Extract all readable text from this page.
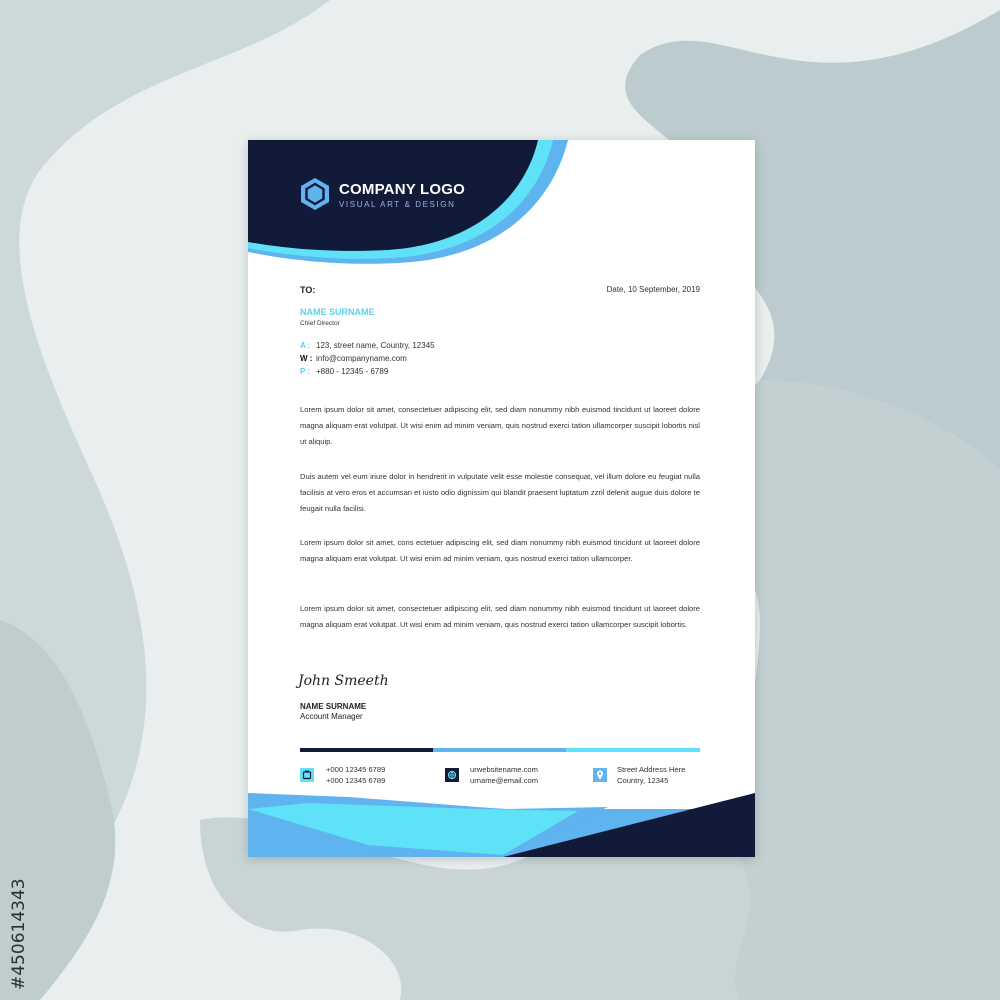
COMPANY LOGO
VISUAL ART & DESIGN
TO:	Date, 10 September, 2019
NAME SURNAME
Chief Director
A : 123, street name, Country, 12345
W : info@companyname.com
P : +880 - 12345 - 6789

Lorem ipsum dolor sit amet, consectetuer adipiscing elit, sed diam nonummy nibh euismod tincidunt ut laoreet dolore magna aliquam erat volutpat. Ut wisi enim ad minim veniam, quis nostrud exerci tation ullamcorper suscipit lobortis nisl ut aliquip.

Duis autem vel eum iriure dolor in hendrerit in vulputate velit esse molestie consequat, vel illum dolore eu feugiat nulla facilisis at vero eros et accumsan et iusto odio dignissim qui blandit praesent luptatum zzril delenit augue duis dolore te feugait nulla facilisi.

Lorem ipsum dolor sit amet, cons ectetuer adipiscing elit, sed diam nonummy nibh euismod tincidunt ut laoreet dolore magna aliquam erat volutpat. Ut wisi enim ad minim veniam, quis nostrud exerci tation ullamcorper.

Lorem ipsum dolor sit amet, consectetuer adipiscing elit, sed diam nonummy nibh euismod tincidunt ut laoreet dolore magna aliquam erat volutpat. Ut wisi enim ad minim veniam, quis nostrud exerci tation ullamcorper suscipit lobortis.

John Smeeth
NAME SURNAME
Account Manager
+000 12345 6789
+000 12345 6789
urwebsitename.com
urname@email.com
Street Address Here
Country, 12345
